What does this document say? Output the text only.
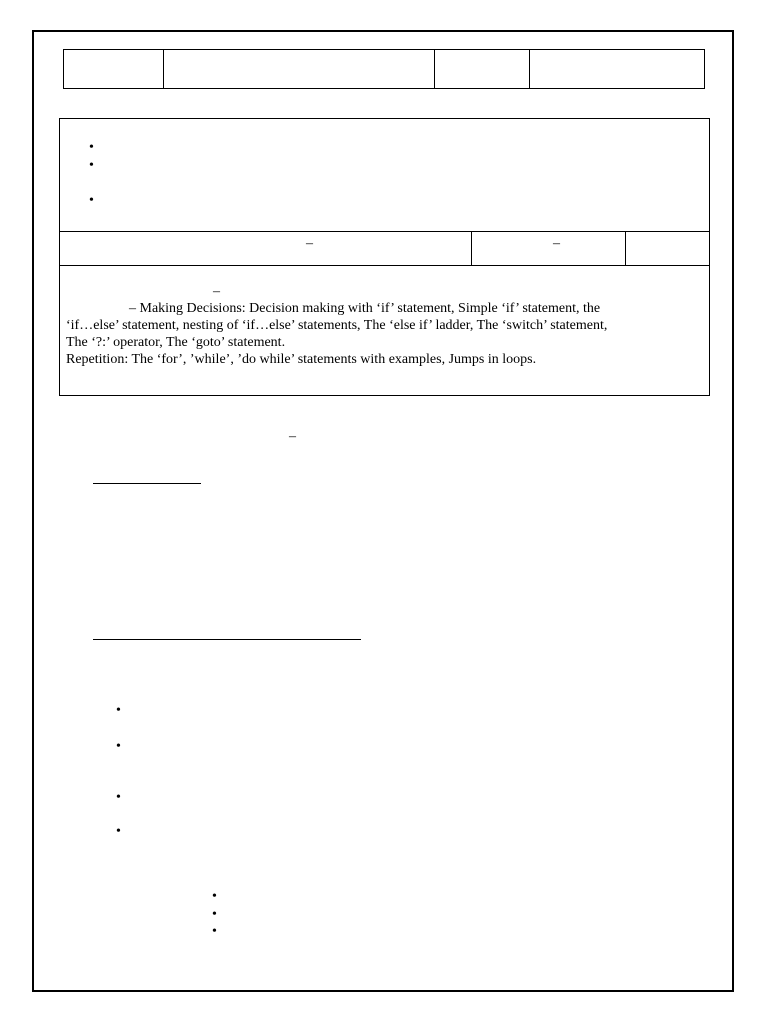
•
•
•
–	–
–

– Making Decisions: Decision making with ‘if’ statement, Simple ‘if’ statement, the

‘if…else’ statement, nesting of ‘if…else’ statements, The ‘else if’ ladder, The ‘switch’ statement,

The ‘?:’ operator, The ‘goto’ statement.

Repetition: The ‘for’, ’while’, ’do while’ statements with examples, Jumps in loops.

–
•
•
•
•
•
•
•
